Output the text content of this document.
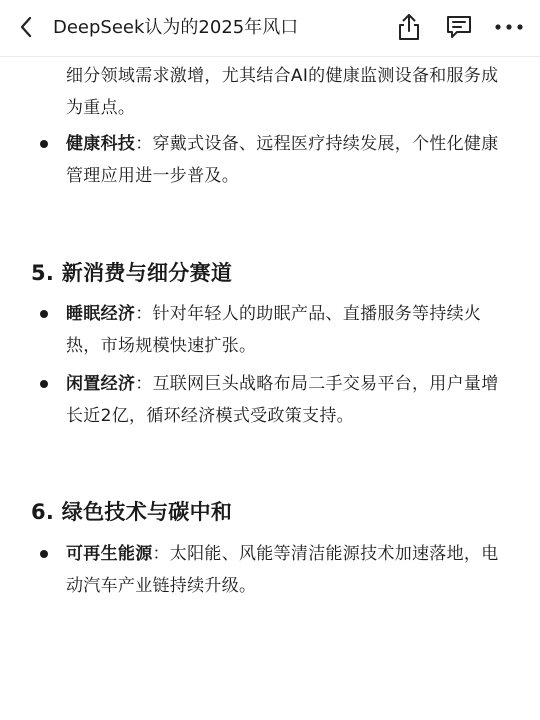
DeepSeek认为的2025年风口
细分领域需求激增，尤其结合AI的健康监测设备和服务成为重点。
健康科技：穿戴式设备、远程医疗持续发展，个性化健康管理应用进一步普及。
5. 新消费与细分赛道
睡眠经济：针对年轻人的助眠产品、直播服务等持续火热，市场规模快速扩张。
闲置经济：互联网巨头战略布局二手交易平台，用户量增长近2亿，循环经济模式受政策支持。
6. 绿色技术与碳中和
可再生能源：太阳能、风能等清洁能源技术加速落地，电动汽车产业链持续升级。
